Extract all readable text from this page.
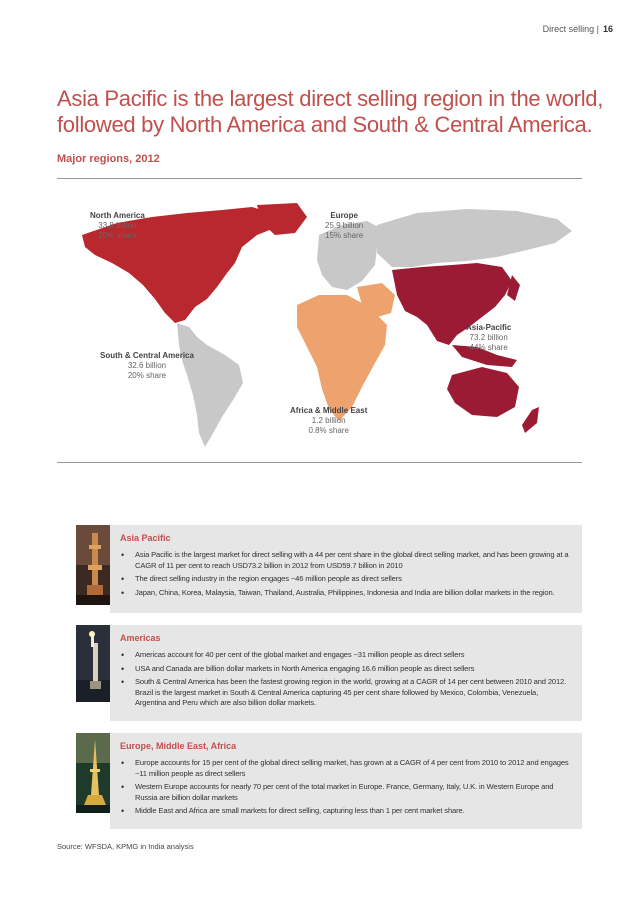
Direct selling | 16
Asia Pacific is the largest direct selling region in the world, followed by North America and South & Central America.
Major regions, 2012
North America
33.8 billion
20% share
Europe
25.9 billion
15% share
Asia-Pacific
73.2 billion
44% share
South & Central America
32.6 billion
20% share
Africa & Middle East
1.2 billion
0.8% share
Asia Pacific
• Asia Pacific is the largest market for direct selling with a 44 per cent share in the global direct selling market, and has been growing at a CAGR of 11 per cent to reach USD73.2 billion in 2012 from USD59.7 billion in 2010
• The direct selling industry in the region engages ~46 million people as direct sellers
• Japan, China, Korea, Malaysia, Taiwan, Thailand, Australia, Philippines, Indonesia and India are billion dollar markets in the region.
Americas
• Americas account for 40 per cent of the global market and engages ~31 million people as direct sellers
• USA and Canada are billion dollar markets in North America engaging 16.6 million people as direct sellers
• South & Central America has been the fastest growing region in the world, growing at a CAGR of 14 per cent between 2010 and 2012. Brazil is the largest market in South & Central America capturing 45 per cent share followed by Mexico, Colombia, Venezuela, Argentina and Peru which are also billion dollar markets.
Europe, Middle East, Africa
• Europe accounts for 15 per cent of the global direct selling market, has grown at a CAGR of 4 per cent from 2010 to 2012 and engages ~11 million people as direct sellers
• Western Europe accounts for nearly 70 per cent of the total market in Europe. France, Germany, Italy, U.K. in Western Europe and Russia are billion dollar markets
• Middle East and Africa are small markets for direct selling, capturing less than 1 per cent market share.
Source: WFSDA, KPMG in India analysis
